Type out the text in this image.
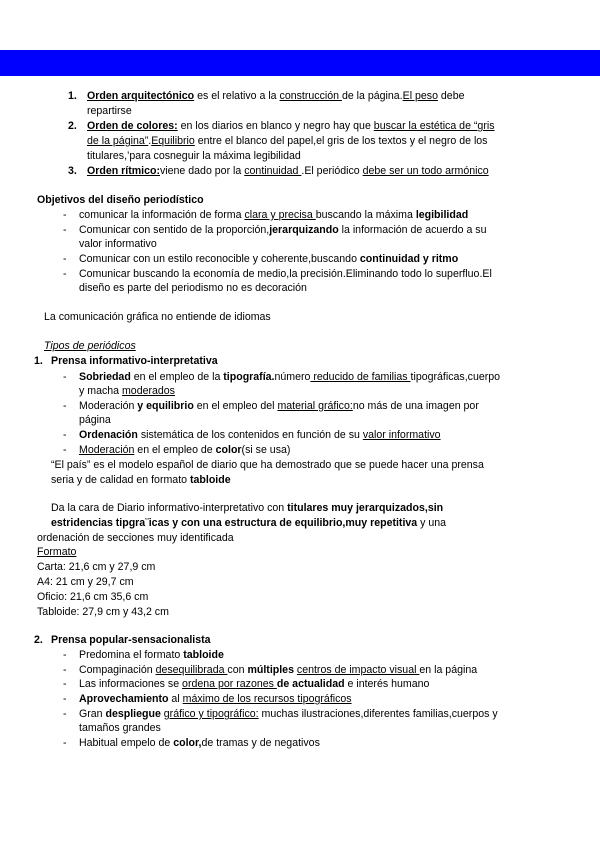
1. Orden arquitectónico es el relativo a la construcción de la página.El peso debe
repartirse
2. Orden de colores: en los diarios en blanco y negro hay que buscar la estética de “gris
de la página”.Equilibrio entre el blanco del papel,el gris de los textos y el negro de los
titulares,’para cosneguir la máxima legibilidad
3. Orden rítmico:viene dado por la continuidad .El periódico debe ser un todo armónico
Objetivos del diseño periodístico
- comunicar la información de forma clara y precisa buscando la máxima legibilidad
- Comunicar con sentido de la proporción,jerarquizando la información de acuerdo a su
valor informativo
- Comunicar con un estilo reconocible y coherente,buscando continuidad y ritmo
- Comunicar buscando la economía de medio,la precisión.Eliminando todo lo superfluo.El
diseño es parte del periodismo no es decoración
La comunicación gráfica no entiende de idiomas
Tipos de periódicos
1. Prensa informativo-interpretativa
- Sobriedad en el empleo de la tipografía.número reducido de familias tipográficas,cuerpo
y macha moderados
- Moderación y equilibrio en el empleo del material gráfico:no más de una imagen por
página
- Ordenación sistemática de los contenidos en función de su valor informativo
- Moderación en el empleo de color(si se usa)
“El país” es el modelo español de diario que ha demostrado que se puede hacer una prensa
seria y de calidad en formato tabloide
Da la cara de Diario informativo-interpretativo con titulares muy jerarquizados,sin
estridencias tipgra¨icas y con una estructura de equilibrio,muy repetitiva y una
ordenación de secciones muy identificada
Formato
Carta: 21,6 cm y 27,9 cm
A4: 21 cm y 29,7 cm
Oficio: 21,6 cm 35,6 cm
Tabloide: 27,9 cm y 43,2 cm
2. Prensa popular-sensacionalista
- Predomina el formato tabloide
- Compaginación desequilibrada con múltiples centros de impacto visual en la página
- Las informaciones se ordena por razones de actualidad e interés humano
- Aprovechamiento al máximo de los recursos tipográficos
- Gran despliegue gráfico y tipográfico: muchas ilustraciones,diferentes familias,cuerpos y
tamaños grandes
- Habitual empelo de color,de tramas y de negativos
